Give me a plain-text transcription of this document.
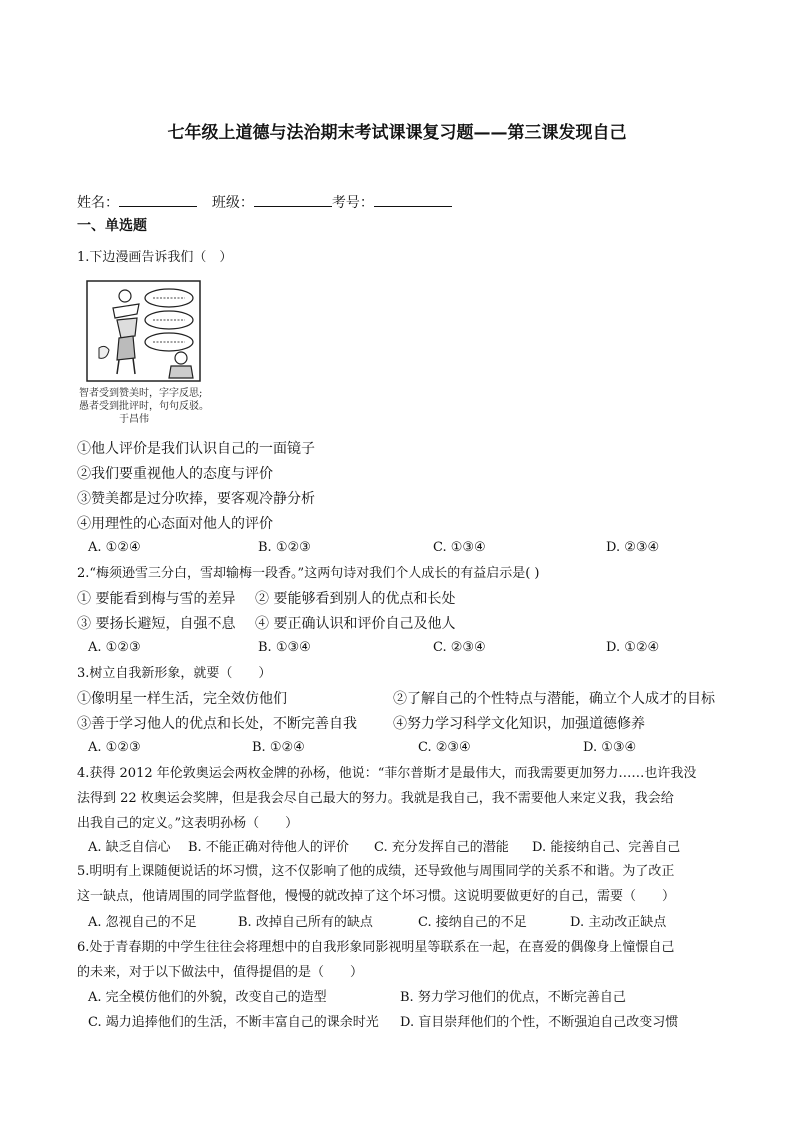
七年级上道德与法治期末考试课课复习题——第三课发现自己
姓名：	班级：	考号：
一、单选题
1.下边漫画告诉我们（　）
智者受到赞美时，字字反思;
愚者受到批评时，句句反驳。
于昌伟
①他人评价是我们认识自己的一面镜子
②我们要重视他人的态度与评价
③赞美都是过分吹捧，要客观冷静分析
④用理性的心态面对他人的评价
A. ①②④	B. ①②③	C. ①③④	D. ②③④
2.“梅须逊雪三分白，雪却输梅一段香。”这两句诗对我们个人成长的有益启示是( )
① 要能看到梅与雪的差异 ② 要能够看到别人的优点和长处
③ 要扬长避短，自强不息 ④ 要正确认识和评价自己及他人
A. ①②③	B. ①③④	C. ②③④	D. ①②④
3.树立自我新形象，就要（　　）
①像明星一样生活，完全效仿他们	②了解自己的个性特点与潜能，确立个人成才的目标
③善于学习他人的优点和长处，不断完善自我	④努力学习科学文化知识，加强道德修养
A. ①②③	B. ①②④	C. ②③④	D. ①③④
4.获得 2012 年伦敦奥运会两枚金牌的孙杨，他说：“菲尔普斯才是最伟大，而我需要更加努力……也许我没
法得到 22 枚奥运会奖牌，但是我会尽自己最大的努力。我就是我自己，我不需要他人来定义我，我会给
出我自己的定义。”这表明孙杨（　　）
A. 缺乏自信心 B. 不能正确对待他人的评价 C. 充分发挥自己的潜能 D. 能接纳自己、完善自己
5.明明有上课随便说话的坏习惯，这不仅影响了他的成绩，还导致他与周围同学的关系不和谐。为了改正
这一缺点，他请周围的同学监督他，慢慢的就改掉了这个坏习惯。这说明要做更好的自己，需要（　　）
A. 忽视自己的不足	B. 改掉自己所有的缺点	C. 接纳自己的不足	D. 主动改正缺点
6.处于青春期的中学生往往会将理想中的自我形象同影视明星等联系在一起，在喜爱的偶像身上憧憬自己
的未来，对于以下做法中，值得提倡的是（　　）
A. 完全模仿他们的外貌，改变自己的造型	B. 努力学习他们的优点，不断完善自己
C. 竭力追捧他们的生活，不断丰富自己的课余时光 D. 盲目崇拜他们的个性，不断强迫自己改变习惯
